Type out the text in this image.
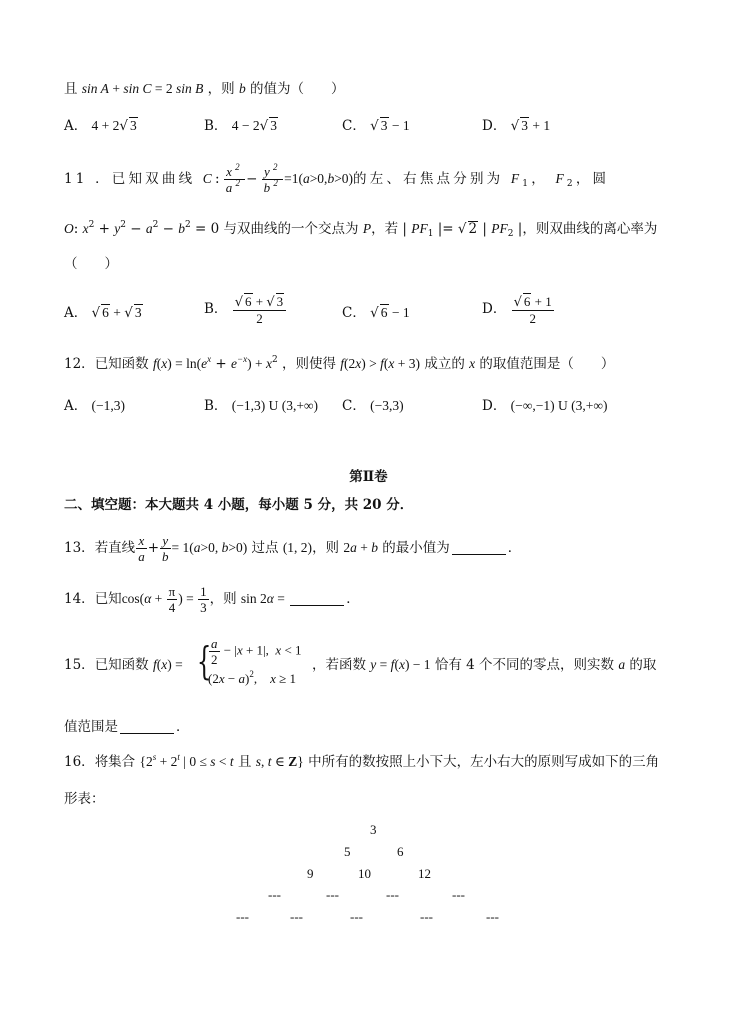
且 sin A + sin C = 2 sin B ，则 b 的值为（　　）
A． 4 + 2√ 3	B． 4 − 2√ 3	C． √ 3 − 1	D． √ 3 + 1
11 ．已知双曲线 C: $\frac{x^2}{a^2} - \frac{y^2}{b^2} =1(a>0,b>0)$的左、右焦点分别为 $F_1$， $F_2$，圆
O: $x^2 + y^2 - a^2 - b^2 = 0$ 与双曲线的一个交点为 P，若 | $PF_1$ |= √ 2 | $PF_2$ |，则双曲线的离心率为
（　　）
A． √ 6 + √ 3	B． $\frac{√ 6 + √ 3}{2}$	C． √ 6 − 1	D． $\frac{√ 6 + 1}{2}$
12．已知函数 $f(x) = \ln(e^x + e^{-x}) + x^2$ ，则使得 f(2x) > f(x + 3) 成立的 x 的取值范围是（　　）
A． (−1,3)	B． (−1,3) U (3,+∞) C． (−3,3)	D． (−∞,−1) U (3,+∞)
第Ⅱ卷
二、填空题：本大题共 4 小题，每小题 5 分，共 20 分．
13．若直线 $\frac{x}{a} + \frac{y}{b} = 1(a>0$, b>0) 过点 (1, 2)，则 2a + b 的最小值为	．
14．已知$\cos(\alpha + \frac{\pi}{4}$ ) = $\frac{1}{3}$ ，则 sin 2α =	．
15．已知函数 f(x) = {
$\frac{a}{2} - |x + 1|$,  x < 1
$(2x - a)^2$,    x ≥ 1
，若函数 y = f(x) − 1 恰有 4 个不同的零点，则实数 a 的取
值范围是	．
16．将集合 {$2^s + 2^t$ | 0 ≤ s < t 且 s, t ∈ Z} 中所有的数按照上小下大，左小右大的原则写成如下的三角
形表：
3
5	6
9	10	12
---	---	---	---
---	---	---	---	---
